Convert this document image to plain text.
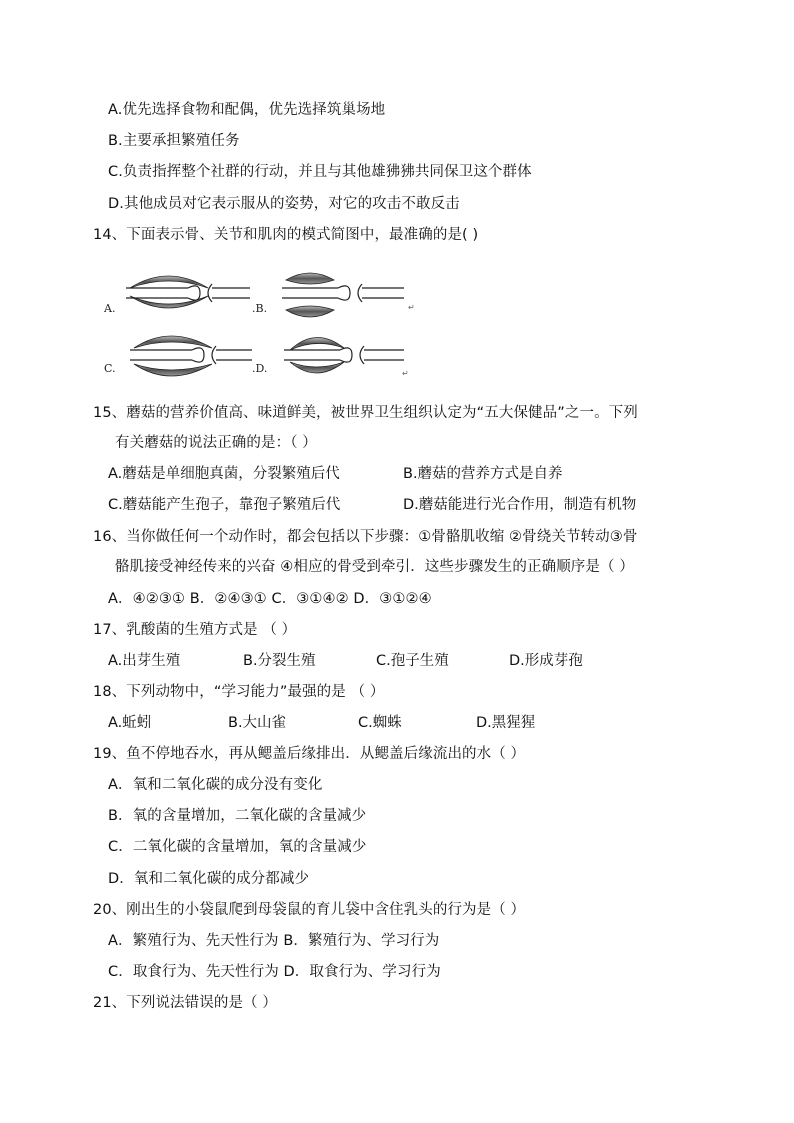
A.优先选择食物和配偶，优先选择筑巢场地
B.主要承担繁殖任务
C.负责指挥整个社群的行动，并且与其他雄狒狒共同保卫这个群体
D.其他成员对它表示服从的姿势，对它的攻击不敢反击
14、下面表示骨、关节和肌肉的模式简图中，最准确的是( )
A.	.B.	↵
C.	.D.	↵
15、蘑菇的营养价值高、味道鲜美，被世界卫生组织认定为“五大保健品”之一。下列
有关蘑菇的说法正确的是：（ ）
A.蘑菇是单细胞真菌，分裂繁殖后代	B.蘑菇的营养方式是自养
C.蘑菇能产生孢子，靠孢子繁殖后代	D.蘑菇能进行光合作用，制造有机物
16、当你做任何一个动作时，都会包括以下步骤：①骨骼肌收缩 ②骨绕关节转动③骨
骼肌接受神经传来的兴奋 ④相应的骨受到牵引．这些步骤发生的正确顺序是（ ）
A．④②③① B．②④③① C．③①④② D．③①②④
17、乳酸菌的生殖方式是 （ ）
A.出芽生殖	B.分裂生殖	C.孢子生殖	D.形成芽孢
18、下列动物中，“学习能力”最强的是 （ ）
A.蚯蚓	B.大山雀	C.蜘蛛	D.黑猩猩
19、鱼不停地吞水，再从鳃盖后缘排出．从鳃盖后缘流出的水（ ）
A．氧和二氧化碳的成分没有变化
B．氧的含量增加，二氧化碳的含量减少
C．二氧化碳的含量增加，氧的含量减少
D．氧和二氧化碳的成分都减少
20、刚出生的小袋鼠爬到母袋鼠的育儿袋中含住乳头的行为是（ ）
A．繁殖行为、先天性行为 B．繁殖行为、学习行为
C．取食行为、先天性行为 D．取食行为、学习行为
21、下列说法错误的是（ ）
